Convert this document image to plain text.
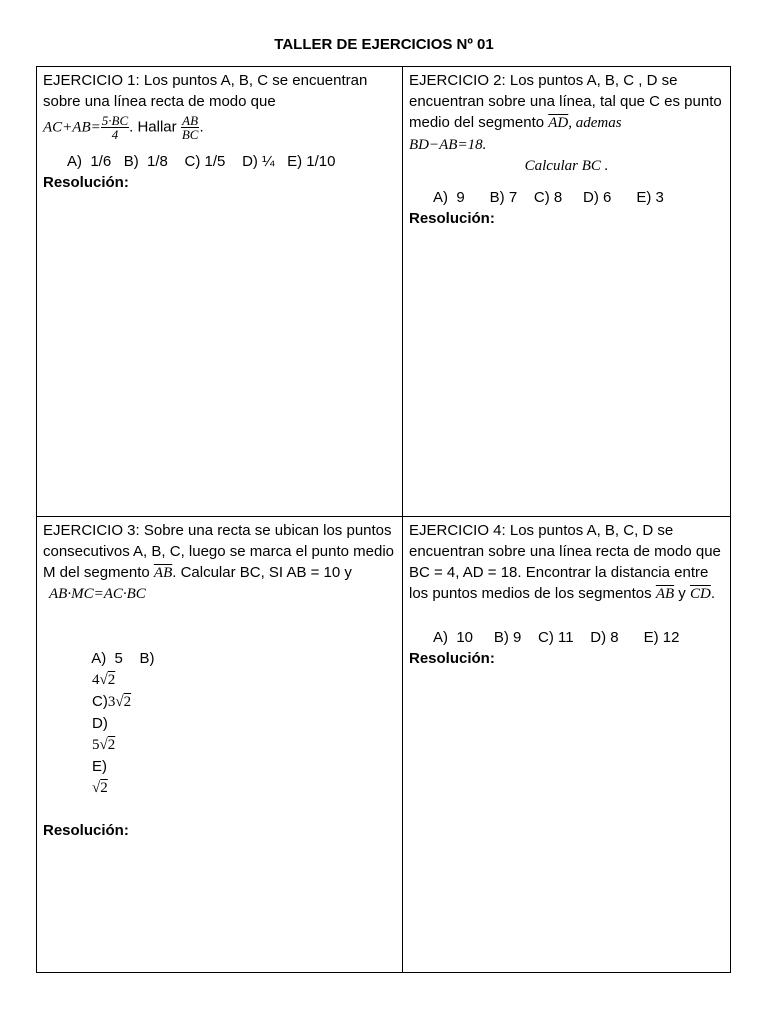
TALLER DE EJERCICIOS Nº 01
EJERCICIO 1: Los puntos A, B, C se encuentran sobre una línea recta de modo que
$AC+AB= \frac{5\cdot BC}{4}$ . Hallar $\frac{AB}{BC}$ .
A)  1/6   B)  1/8    C) 1/5    D) ¼   E) 1/10
Resolución:
EJERCICIO 2: Los puntos A, B, C , D se encuentran sobre una línea, tal que C es punto medio del segmento $\overline{AD}$, ademas
BD−AB=18.
Calcular BC .
A)  9      B) 7    C) 8     D) 6      E) 3
Resolución:
EJERCICIO 3: Sobre una recta se ubican los puntos consecutivos A, B, C, luego se marca el punto medio M del segmento $\overline{AB}$. Calcular BC, SI AB = 10 y
AB·MC=AC·BC

A)  5    B)
4√2
C)3√2
D)
5√2
E)
√2

Resolución:
EJERCICIO 4: Los puntos A, B, C, D se encuentran sobre una línea recta de modo que BC = 4, AD = 18. Encontrar la distancia entre los puntos medios de los segmentos $\overline{AB}$ y $\overline{CD}$.
A)  10     B) 9    C) 11    D) 8      E) 12
Resolución:
